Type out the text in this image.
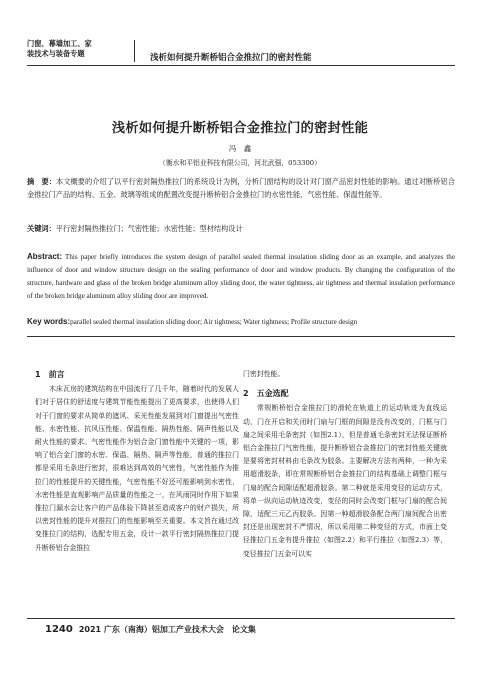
门窗、幕墙加工、家
装技术与装备专题	浅析如何提升断桥铝合金推拉门的密封性能
浅析如何提升断桥铝合金推拉门的密封性能
冯　鑫
（衡水和平铝业科技有限公司，河北武强，053300）
摘　要：本文概要的介绍了以平行密封隔热推拉门的系统设计为例，分析门窗结构的设计对门窗产品密封性能的影响。通过对断桥铝合金推拉门产品的结构、五金、玻璃等组成的配置改变提升断桥铝合金推拉门的水密性能、气密性能、保温性能等。
关键词：平行密封隔热推拉门；气密性能；水密性能；型材结构设计
Abstract: This paper briefly introduces the system design of parallel sealed thermal insulation sliding door as an example, and analyzes the influence of door and window structure design on the sealing performance of door and window products. By changing the configuration of the structure, hardware and glass of the broken bridge aluminum alloy sliding door, the water tightness, air tightness and thermal insulation performance of the broken bridge aluminum alloy sliding door are improved.
Key words:parallel sealed thermal insulation sliding door; Air tightness; Water tightness; Profile structure design

1　前言

木床瓦房的建筑结构在中国流行了几千年，随着时代的发展人们对于居住的舒适度与建筑节能性能提出了更高要求，也使得人们对于门窗的要求从简单的遮风、采光性能发展到对门窗提出气密性能、水密性能、抗风压性能、保温性能、隔热性能、隔声性能以及耐火性能的要求。气密性能作为铝合金门窗性能中关键的一项，影响了铝合金门窗的水密、保温、隔热、隔声等性能，普通的推拉门都是采用毛条进行密封，很难达到高效的气密性，气密性能作为推拉门的性能提升的关键性能，气密性能不好还可能影响到水密性，水密性能是直观影响产品质量的性能之一，在风雨同时作用下如果推拉门漏水会让客户的产品体验下降甚至造成客户的财产损失，所以密封性能的提升对推拉门的性能影响至关重要。本文旨在通过改变推拉门的结构，选配专用五金，设计一款平行密封隔热推拉门提升断桥铝合金推拉

门密封性能。

2　五金选配

常规断桥铝合金推拉门的滑轮在轨道上的运动轨迹为直线运动，门在开启和关闭时门扇与门框的间隙是没有改变的，门框与门扇之间采用毛条密封（如图2.1），但是普通毛条密封无法保证断桥铝合金推拉门气密性能，提升断桥铝合金推拉门的密封性能关键就是要将密封材料由毛条改为胶条。主要解决方法有两种，一种为采用超滑胶条，即在常规断桥铝合金推拉门的结构基础上调整门框与门扇的配合间隙适配超滑胶条。第二种就是采用变径的运动方式，将单一纵向运动轨迹改变，变径的同时会改变门框与门扇的配合间隙，适配三元乙丙胶条。因第一种超滑胶条配合两门扇间配合出密封还是出现密封不严情况，所以采用第二种变径的方式，市面上变径推拉门五金有提升推拉（如图2.2）和平行推拉（如图2.3）等，变径推拉门五金可以实

1240 2021 广东（南海）铝加工产业技术大会　论文集
